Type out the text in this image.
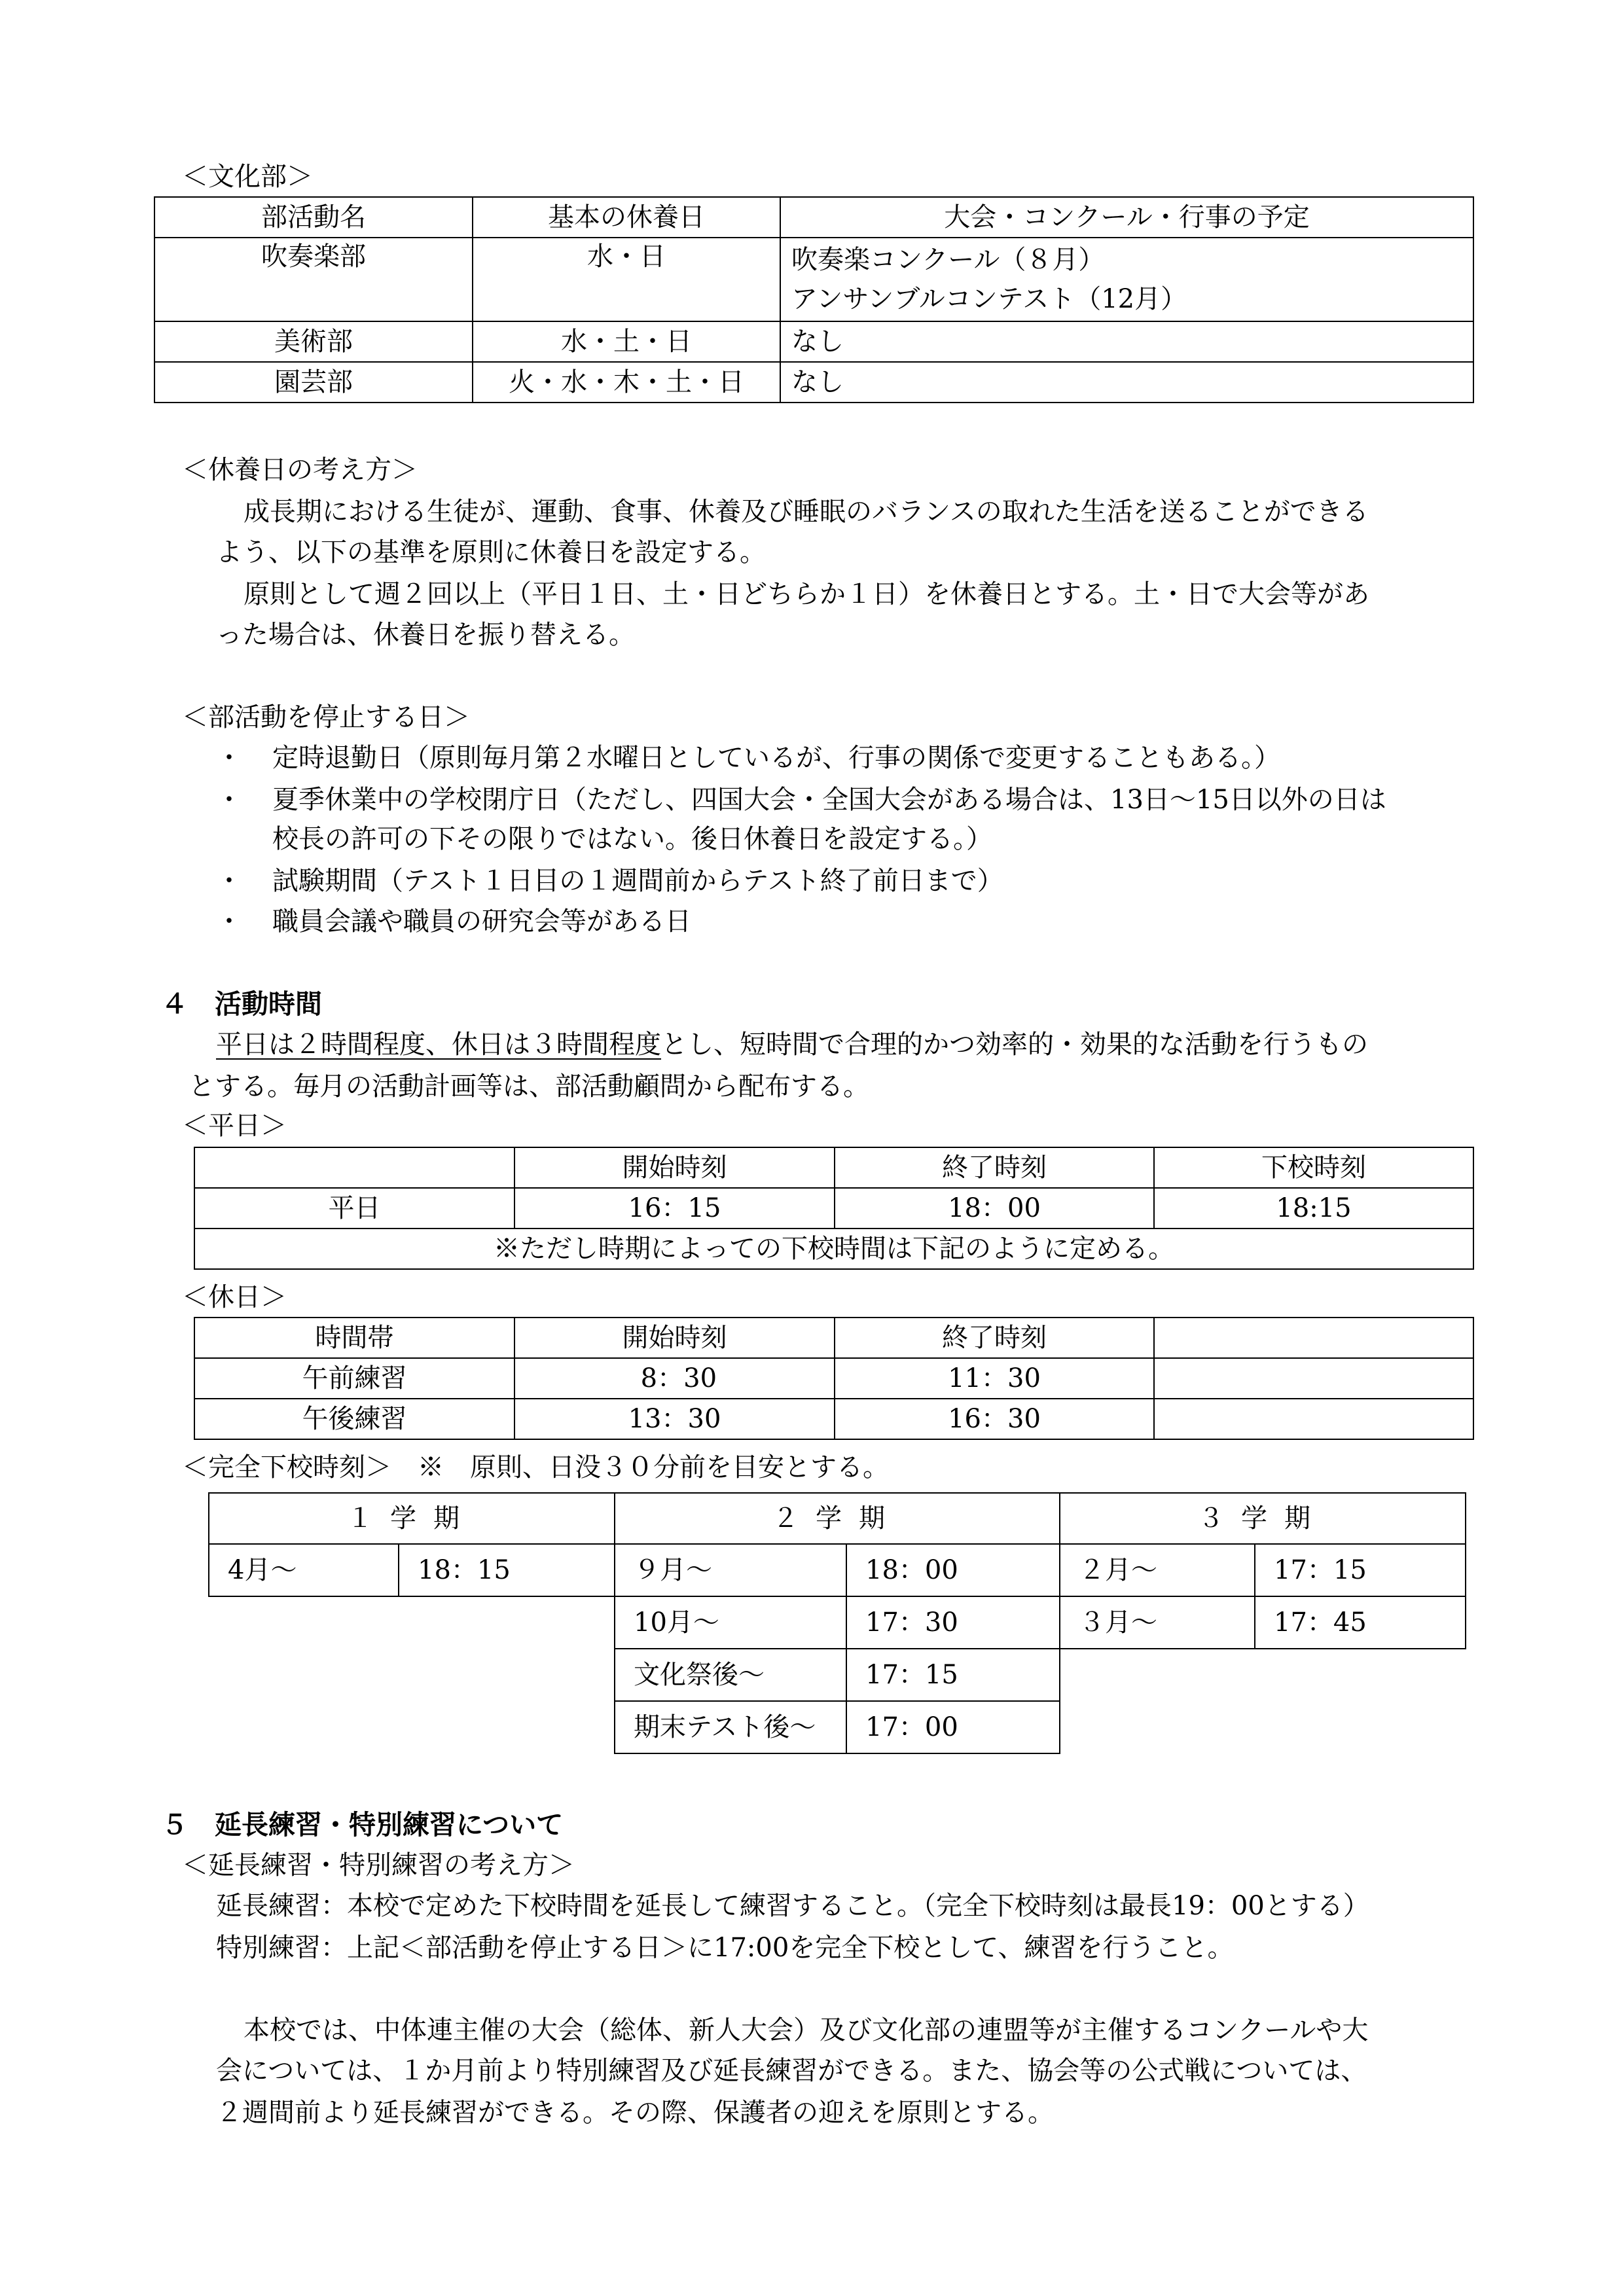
＜文化部＞
部活動名	基本の休養日	大会・コンクール・行事の予定
吹奏楽部	水・日	吹奏楽コンクール（８月）
アンサンブルコンテスト（12月）

美術部	水・土・日	なし
園芸部	火・水・木・土・日	なし
＜休養日の考え方＞
成長期における生徒が、運動、食事、休養及び睡眠のバランスの取れた生活を送ることができる
よう、以下の基準を原則に休養日を設定する。
原則として週２回以上（平日１日、土・日どちらか１日）を休養日とする。土・日で大会等があ
った場合は、休養日を振り替える。
＜部活動を停止する日＞
・ 定時退勤日（原則毎月第２水曜日としているが、行事の関係で変更することもある。）
・ 夏季休業中の学校閉庁日（ただし、四国大会・全国大会がある場合は、13日～15日以外の日は
校長の許可の下その限りではない。後日休養日を設定する。）
・ 試験期間（テスト１日目の１週間前からテスト終了前日まで）
・ 職員会議や職員の研究会等がある日
４　活動時間
平日は２時間程度、休日は３時間程度とし、短時間で合理的かつ効率的・効果的な活動を行うもの
とする。毎月の活動計画等は、部活動顧問から配布する。
＜平日＞
	開始時刻	終了時刻	下校時刻
平日	16：15	18：00	18:15
※ただし時期によっての下校時間は下記のように定める。			
＜休日＞
時間帯	開始時刻	終了時刻	
午前練習	8：30	11：30	
午後練習	13：30	16：30	
＜完全下校時刻＞　※　原則、日没３０分前を目安とする。
１学期		２学期		３学期	
4月～	18：15	９月～	18：00	２月～	17：15
		10月～	17：30	３月～	17：45
		文化祭後～	17：15		
		期末テスト後～	17：00		
５　延長練習・特別練習について
＜延長練習・特別練習の考え方＞
延長練習：本校で定めた下校時間を延長して練習すること。（完全下校時刻は最長19：00とする）
特別練習：上記＜部活動を停止する日＞に17:00を完全下校として、練習を行うこと。
本校では、中体連主催の大会（総体、新人大会）及び文化部の連盟等が主催するコンクールや大
会については、１か月前より特別練習及び延長練習ができる。また、協会等の公式戦については、
２週間前より延長練習ができる。その際、保護者の迎えを原則とする。
